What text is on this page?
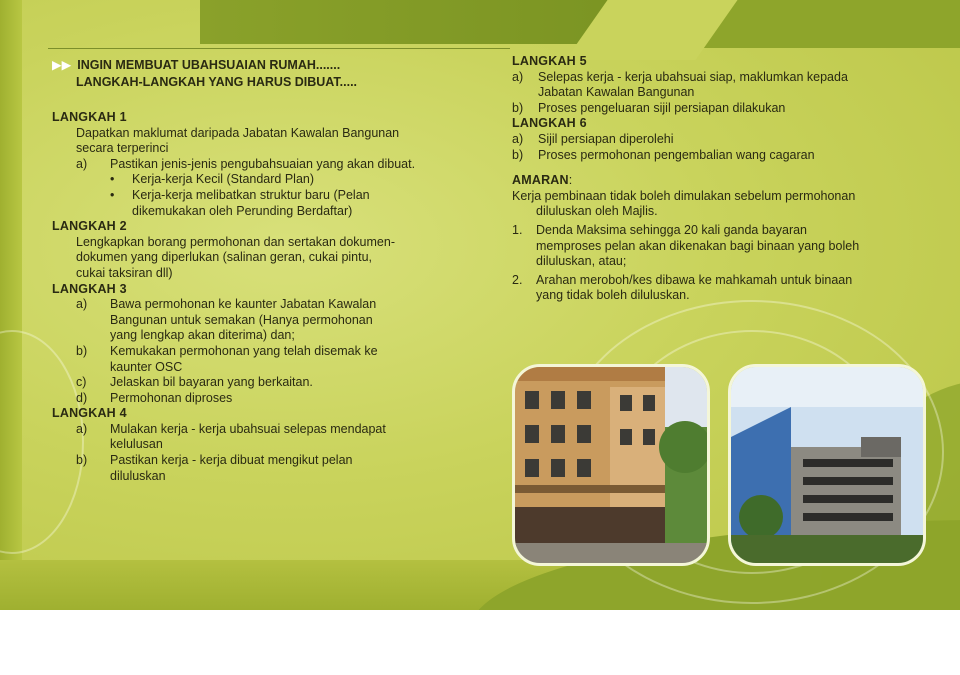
▶▶ INGIN MEMBUAT UBAHSUAIAN RUMAH.......
LANGKAH-LANGKAH YANG HARUS DIBUAT.....

LANGKAH 1

Dapatkan maklumat daripada Jabatan Kawalan Bangunan

secara terperinci

a)	Pastikan jenis-jenis pengubahsuaian yang akan dibuat.
•	Kerja-kerja Kecil (Standard Plan)
•	Kerja-kerja melibatkan struktur baru (Pelan
dikemukakan oleh Perunding Berdaftar)

LANGKAH 2

Lengkapkan borang permohonan dan sertakan dokumen-

dokumen yang diperlukan (salinan geran, cukai pintu,

cukai taksiran dll)

LANGKAH 3

a)	Bawa permohonan ke kaunter Jabatan Kawalan
Bangunan untuk semakan (Hanya permohonan
yang lengkap akan diterima) dan;
b)	Kemukakan permohonan yang telah disemak ke
kaunter OSC
c)	Jelaskan bil bayaran yang berkaitan.
d)	Permohonan diproses

LANGKAH 4

a)	Mulakan kerja - kerja ubahsuai selepas mendapat
kelulusan
b)	Pastikan kerja - kerja dibuat mengikut pelan
diluluskan

LANGKAH 5

a)	Selepas kerja - kerja ubahsuai siap, maklumkan kepada
Jabatan Kawalan Bangunan
b)	Proses pengeluaran sijil persiapan dilakukan

LANGKAH 6

a)	Sijil persiapan diperolehi
b)	Proses permohonan pengembalian wang cagaran

AMARAN:

Kerja pembinaan tidak boleh dimulakan sebelum permohonan

diluluskan oleh Majlis.

1.	Denda Maksima sehingga 20 kali ganda bayaran
memproses pelan akan dikenakan bagi binaan yang boleh
diluluskan, atau;
2.	Arahan meroboh/kes dibawa ke mahkamah untuk binaan
yang tidak boleh diluluskan.
